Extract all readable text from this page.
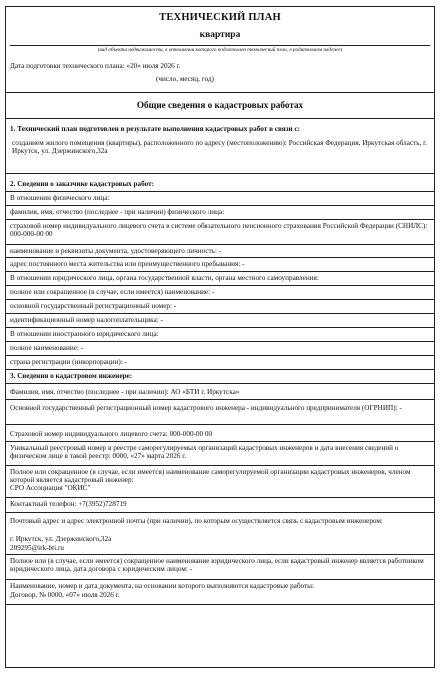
ТЕХНИЧЕСКИЙ ПЛАН
квартира
(вид объекта недвижимости, в отношении которого подготовлен технический план, в родительном падеже)
Дата подготовки технического плана: «20» июля 2026 г.
(число, месяц, год)
Общие сведения о кадастровых работах
1. Технический план подготовлен в результате выполнения кадастровых работ в связи с:
созданием жилого помещения (квартиры), расположенного по адресу (местоположению): Российская Федерация, Иркутская область, г. Иркутск, ул. Дзержинского,32а
2. Сведения о заказчике кадастровых работ:
В отношении физического лица:
фамилия, имя, отчество (последнее - при наличии) физического лица:
страховой номер индивидуального лицевого счета в системе обязательного пенсионного страхования Российской Федерации (СНИЛС): 000-000-00 00
наименование и реквизиты документа, удостоверяющего личность: -
адрес постоянного места жительства или преимущественного пребывания: -
В отношении юридического лица, органа государственной власти, органа местного самоуправления:
полное или сокращенное (в случае, если имеется) наименование: -
основной государственный регистрационный номер: -
идентификационный номер налогоплательщика: -
В отношении иностранного юридического лица:
полное наименование: -
страна регистрации (инкорпорации): -
3. Сведения о кадастровом инженере:
Фамилия, имя, отчество (последнее - при наличии): АО «БТИ г. Иркутска»
Основной государственный регистрационный номер кадастрового инженера - индивидуального предпринимателя (ОГРНИП): -
Страховой номер индивидуального лицевого счета: 000-000-00 00
Уникальный реестровый номер в реестре саморегулируемых организаций кадастровых инженеров и дата внесения сведений о физическом лице в такой реестр: 0000, «27» марта 2026 г.
Полное или сокращенное (в случае, если имеется) наименование саморегулируемой организации кадастровых инженеров, членом которой является кадастровый инженер:
СРО Ассоциация "ОКИС"
Контактный телефон: +7(3952)728719
Почтовый адрес и адрес электронной почты (при наличии), по которым осуществляется связь с кадастровым инженером:
г. Иркутск, ул. Дзержинского,32а
209295@irk-bti.ru
Полное или (в случае, если имеется) сокращенное наименование юридического лица, если кадастровый инженер является работником юридического лица, дата договора с юридическим лицом: -
Наименование, номер и дата документа, на основании которого выполняются кадастровые работы:
Договор, № 0000, «07» июля 2026 г.
